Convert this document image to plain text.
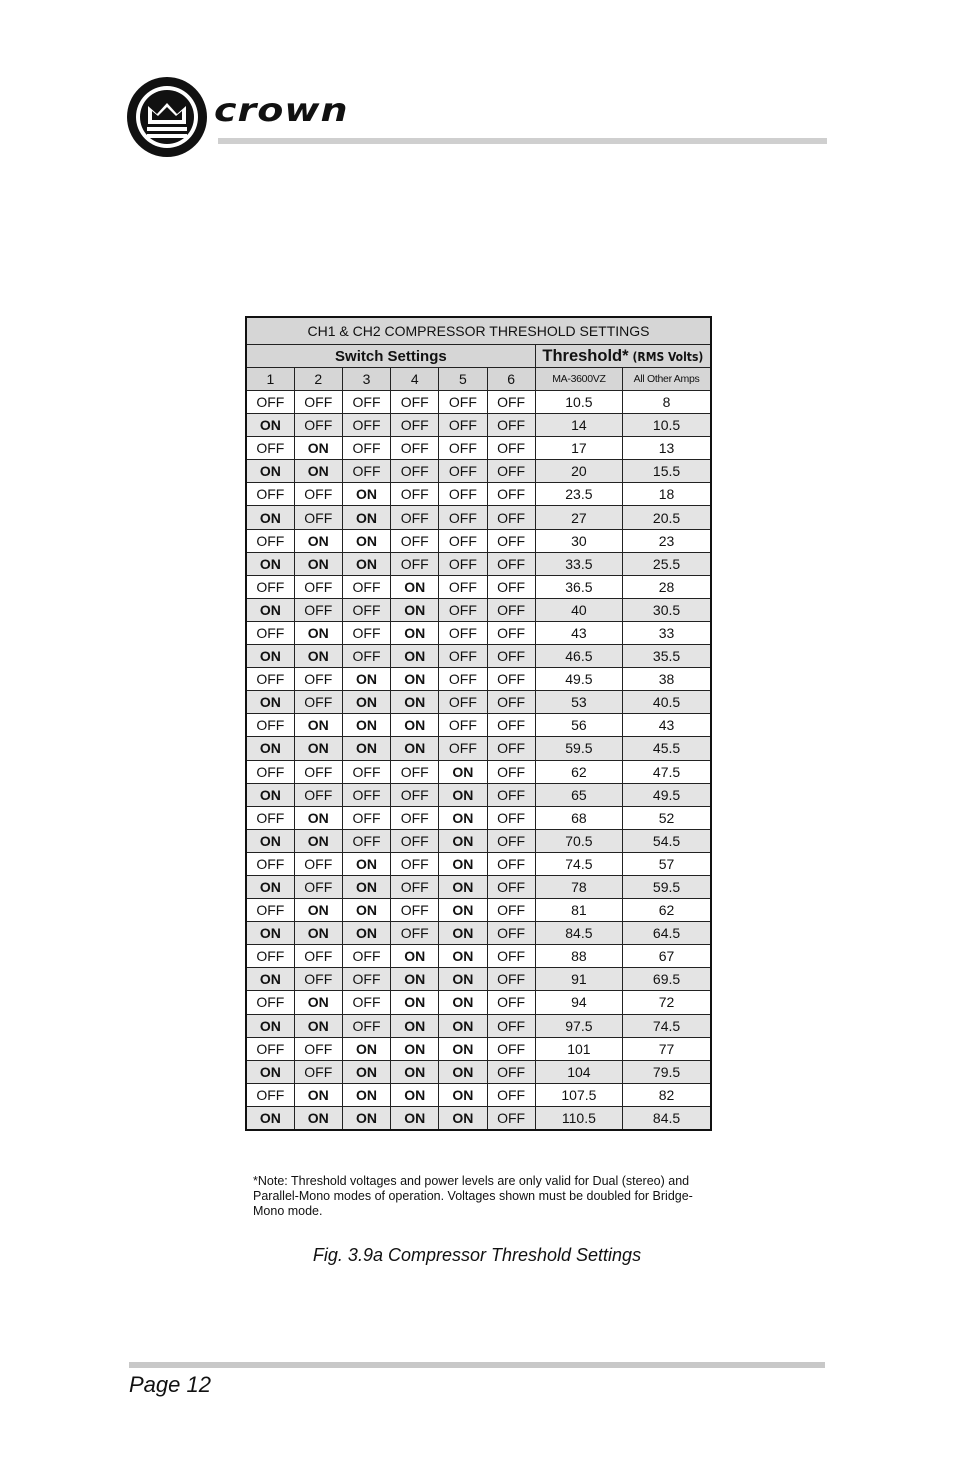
crown
CH1 & CH2 COMPRESSOR THRESHOLD SETTINGS							
Switch Settings						Threshold* (RMS Volts)	
1	2	3	4	5	6	MA-3600VZ	All Other Amps
OFF	OFF	OFF	OFF	OFF	OFF	10.5	8
ON	OFF	OFF	OFF	OFF	OFF	14	10.5
OFF	ON	OFF	OFF	OFF	OFF	17	13
ON	ON	OFF	OFF	OFF	OFF	20	15.5
OFF	OFF	ON	OFF	OFF	OFF	23.5	18
ON	OFF	ON	OFF	OFF	OFF	27	20.5
OFF	ON	ON	OFF	OFF	OFF	30	23
ON	ON	ON	OFF	OFF	OFF	33.5	25.5
OFF	OFF	OFF	ON	OFF	OFF	36.5	28
ON	OFF	OFF	ON	OFF	OFF	40	30.5
OFF	ON	OFF	ON	OFF	OFF	43	33
ON	ON	OFF	ON	OFF	OFF	46.5	35.5
OFF	OFF	ON	ON	OFF	OFF	49.5	38
ON	OFF	ON	ON	OFF	OFF	53	40.5
OFF	ON	ON	ON	OFF	OFF	56	43
ON	ON	ON	ON	OFF	OFF	59.5	45.5
OFF	OFF	OFF	OFF	ON	OFF	62	47.5
ON	OFF	OFF	OFF	ON	OFF	65	49.5
OFF	ON	OFF	OFF	ON	OFF	68	52
ON	ON	OFF	OFF	ON	OFF	70.5	54.5
OFF	OFF	ON	OFF	ON	OFF	74.5	57
ON	OFF	ON	OFF	ON	OFF	78	59.5
OFF	ON	ON	OFF	ON	OFF	81	62
ON	ON	ON	OFF	ON	OFF	84.5	64.5
OFF	OFF	OFF	ON	ON	OFF	88	67
ON	OFF	OFF	ON	ON	OFF	91	69.5
OFF	ON	OFF	ON	ON	OFF	94	72
ON	ON	OFF	ON	ON	OFF	97.5	74.5
OFF	OFF	ON	ON	ON	OFF	101	77
ON	OFF	ON	ON	ON	OFF	104	79.5
OFF	ON	ON	ON	ON	OFF	107.5	82
ON	ON	ON	ON	ON	OFF	110.5	84.5
*Note: Threshold voltages and power levels are only valid for Dual (stereo) and Parallel-Mono modes of operation. Voltages shown must be doubled for Bridge-Mono mode.
Fig. 3.9a Compressor Threshold Settings
Page 12
